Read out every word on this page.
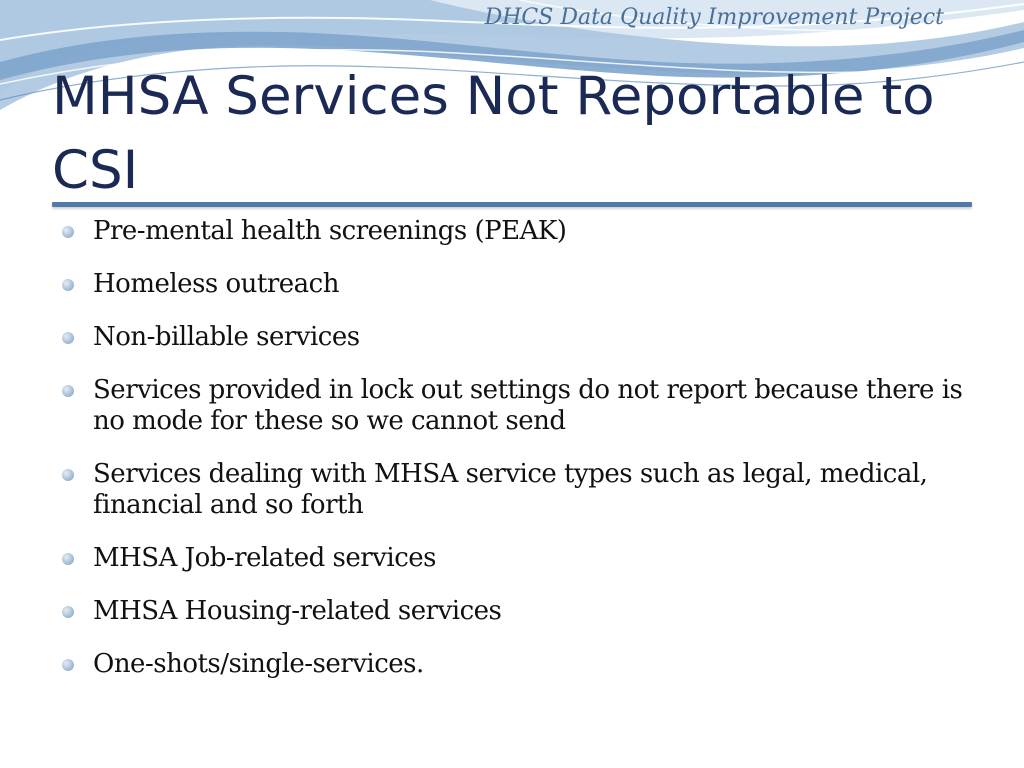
DHCS Data Quality Improvement Project
MHSA Services Not Reportable to CSI
Pre-mental health screenings (PEAK)
Homeless outreach
Non-billable services
Services provided in lock out settings do not report because there is no mode for these so we cannot send
Services dealing with MHSA service types such as legal, medical, financial and so forth
MHSA Job-related services
MHSA Housing-related services
One-shots/single-services.
